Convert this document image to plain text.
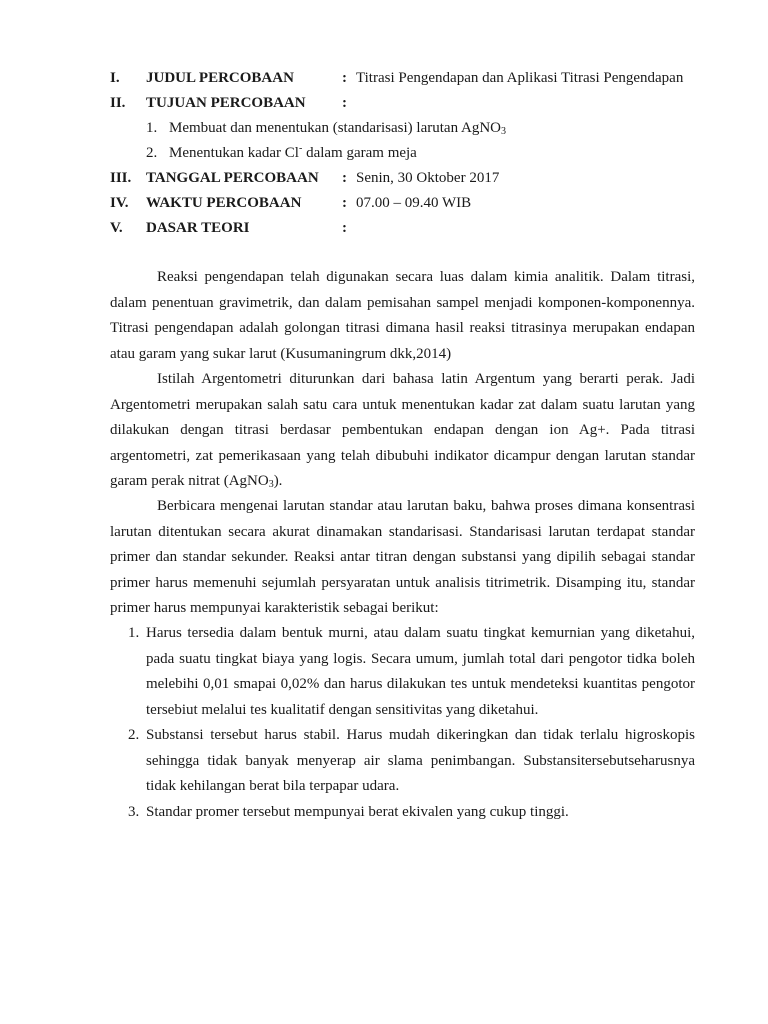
I. JUDUL PERCOBAAN	: Titrasi Pengendapan dan Aplikasi Titrasi Pengendapan
II. TUJUAN PERCOBAAN :
1. Membuat dan menentukan (standarisasi) larutan AgNO$_3$
2. Menentukan kadar Cl- dalam garam meja
III. TANGGAL PERCOBAAN : Senin, 30 Oktober 2017
IV. WAKTU PERCOBAAN	: 07.00 – 09.40 WIB
V. DASAR TEORI	:

Reaksi pengendapan telah digunakan secara luas dalam kimia analitik. Dalam titrasi, dalam penentuan gravimetrik, dan dalam pemisahan sampel menjadi komponen-komponennya. Titrasi pengendapan adalah golongan titrasi dimana hasil reaksi titrasinya merupakan endapan atau garam yang sukar larut (Kusumaningrum dkk,2014)

Istilah Argentometri diturunkan dari bahasa latin Argentum yang berarti perak. Jadi Argentometri merupakan salah satu cara untuk menentukan kadar zat dalam suatu larutan yang dilakukan dengan titrasi berdasar pembentukan endapan dengan ion Ag+. Pada titrasi argentometri, zat pemerikasaan yang telah dibubuhi indikator dicampur dengan larutan standar garam perak nitrat (AgNO$_3$).

Berbicara mengenai larutan standar atau larutan baku, bahwa proses dimana konsentrasi larutan ditentukan secara akurat dinamakan standarisasi. Standarisasi larutan terdapat standar primer dan standar sekunder. Reaksi antar titran dengan substansi yang dipilih sebagai standar primer harus memenuhi sejumlah persyaratan untuk analisis titrimetrik. Disamping itu, standar primer harus mempunyai karakteristik sebagai berikut:

1. Harus tersedia dalam bentuk murni, atau dalam suatu tingkat kemurnian yang diketahui, pada suatu tingkat biaya yang logis. Secara umum, jumlah total dari pengotor tidka boleh melebihi 0,01 smapai 0,02% dan harus dilakukan tes untuk mendeteksi kuantitas pengotor tersebiut melalui tes kualitatif dengan sensitivitas yang diketahui.
2. Substansi tersebut harus stabil. Harus mudah dikeringkan dan tidak terlalu higroskopis sehingga tidak banyak menyerap air slama penimbangan. Substansitersebutseharusnya tidak kehilangan berat bila terpapar udara.
3. Standar promer tersebut mempunyai berat ekivalen yang cukup tinggi.
